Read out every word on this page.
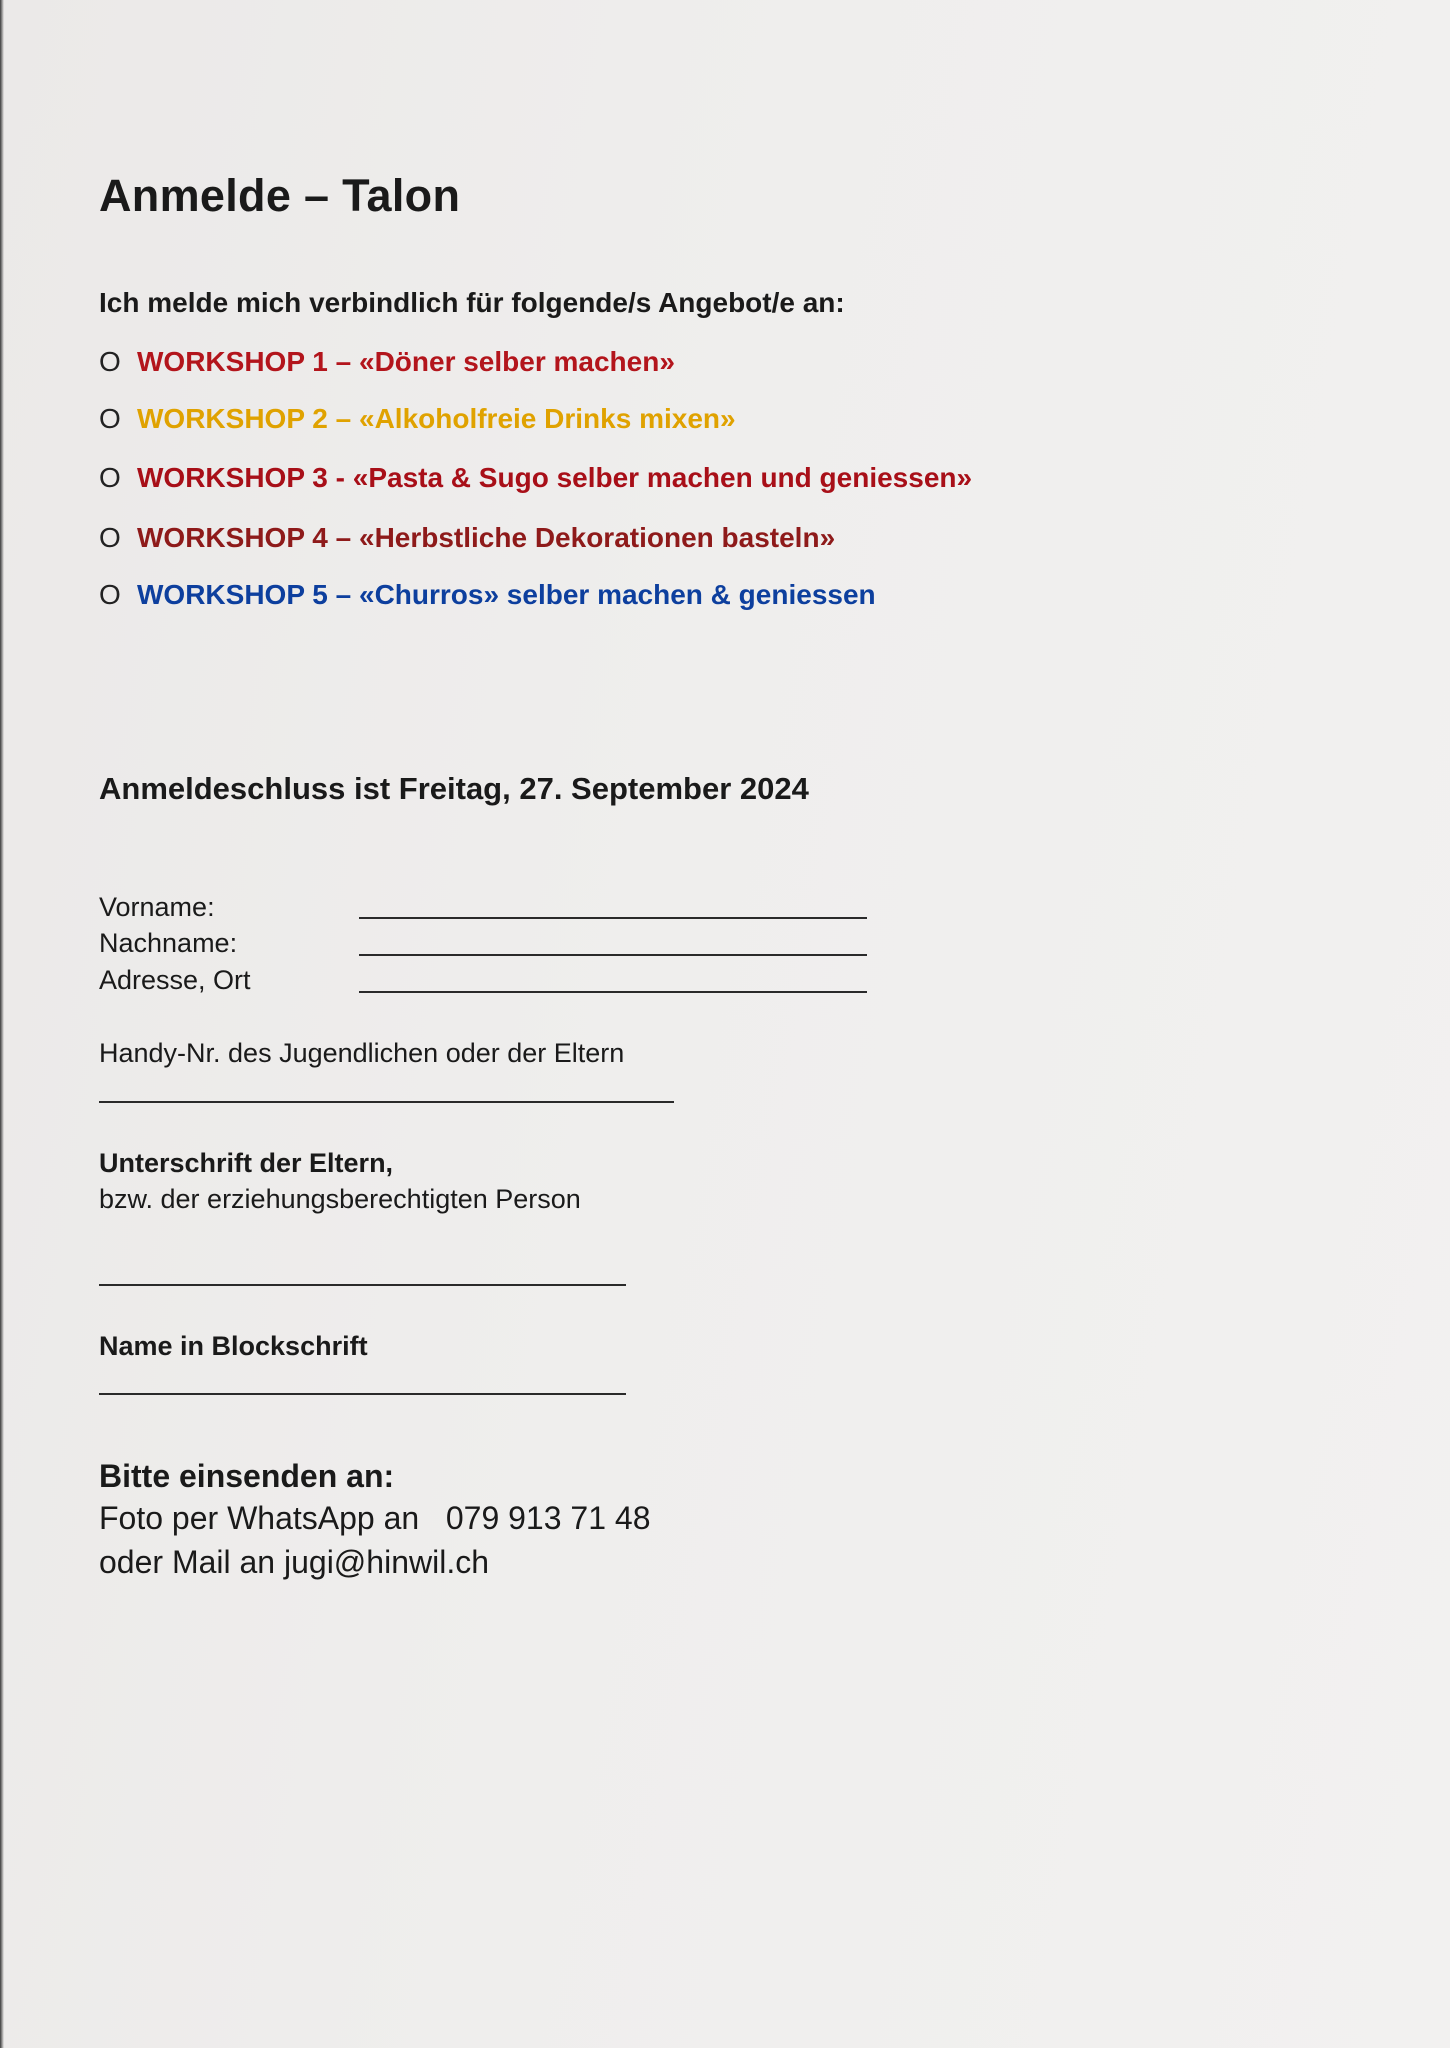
Anmelde – Talon
Ich melde mich verbindlich für folgende/s Angebot/e an:
O WORKSHOP 1 – «Döner selber machen»
O WORKSHOP 2 – «Alkoholfreie Drinks mixen»
O WORKSHOP 3 - «Pasta & Sugo selber machen und geniessen»
O WORKSHOP 4 – «Herbstliche Dekorationen basteln»
O WORKSHOP 5 – «Churros» selber machen & geniessen
Anmeldeschluss ist Freitag, 27. September 2024
Vorname:
Nachname:
Adresse, Ort
Handy-Nr. des Jugendlichen oder der Eltern
Unterschrift der Eltern,
bzw. der erziehungsberechtigten Person
Name in Blockschrift
Bitte einsenden an:
Foto per WhatsApp an   079 913 71 48
oder Mail an jugi@hinwil.ch
